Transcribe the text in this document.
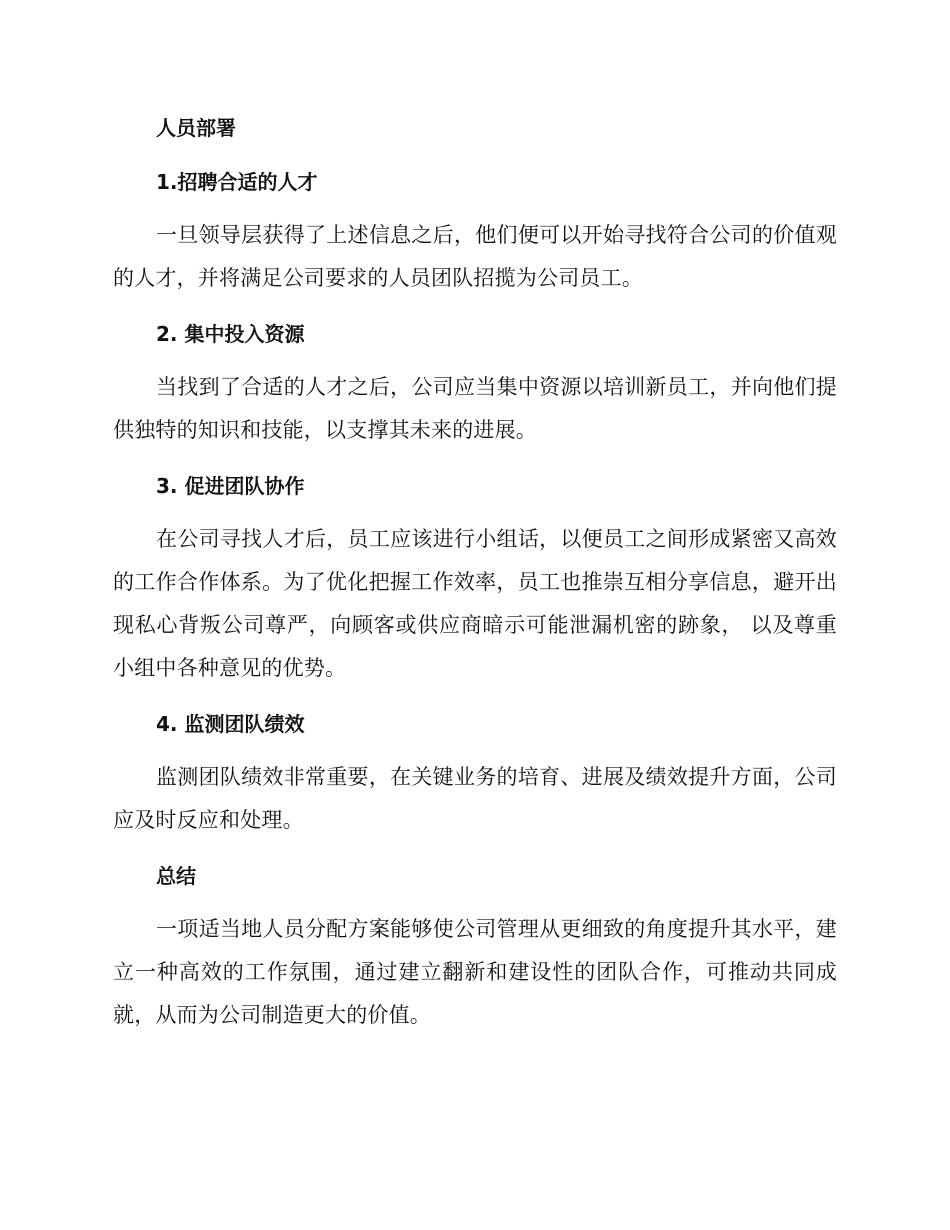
人员部署
1.招聘合适的人才

一旦领导层获得了上述信息之后，他们便可以开始寻找符合公司的价值观的人才，并将满足公司要求的人员团队招揽为公司员工。

2. 集中投入资源

当找到了合适的人才之后，公司应当集中资源以培训新员工，并向他们提供独特的知识和技能，以支撑其未来的进展。

3. 促进团队协作

在公司寻找人才后，员工应该进行小组话，以便员工之间形成紧密又高效的工作合作体系。为了优化把握工作效率，员工也推崇互相分享信息，避开出现私心背叛公司尊严，向顾客或供应商暗示可能泄漏机密的跡象， 以及尊重小组中各种意见的优势。

4. 监测团队绩效

监测团队绩效非常重要，在关键业务的培育、进展及绩效提升方面，公司应及时反应和处理。

总结

一项适当地人员分配方案能够使公司管理从更细致的角度提升其水平，建立一种高效的工作氛围，通过建立翻新和建设性的团队合作，可推动共同成就，从而为公司制造更大的价值。
